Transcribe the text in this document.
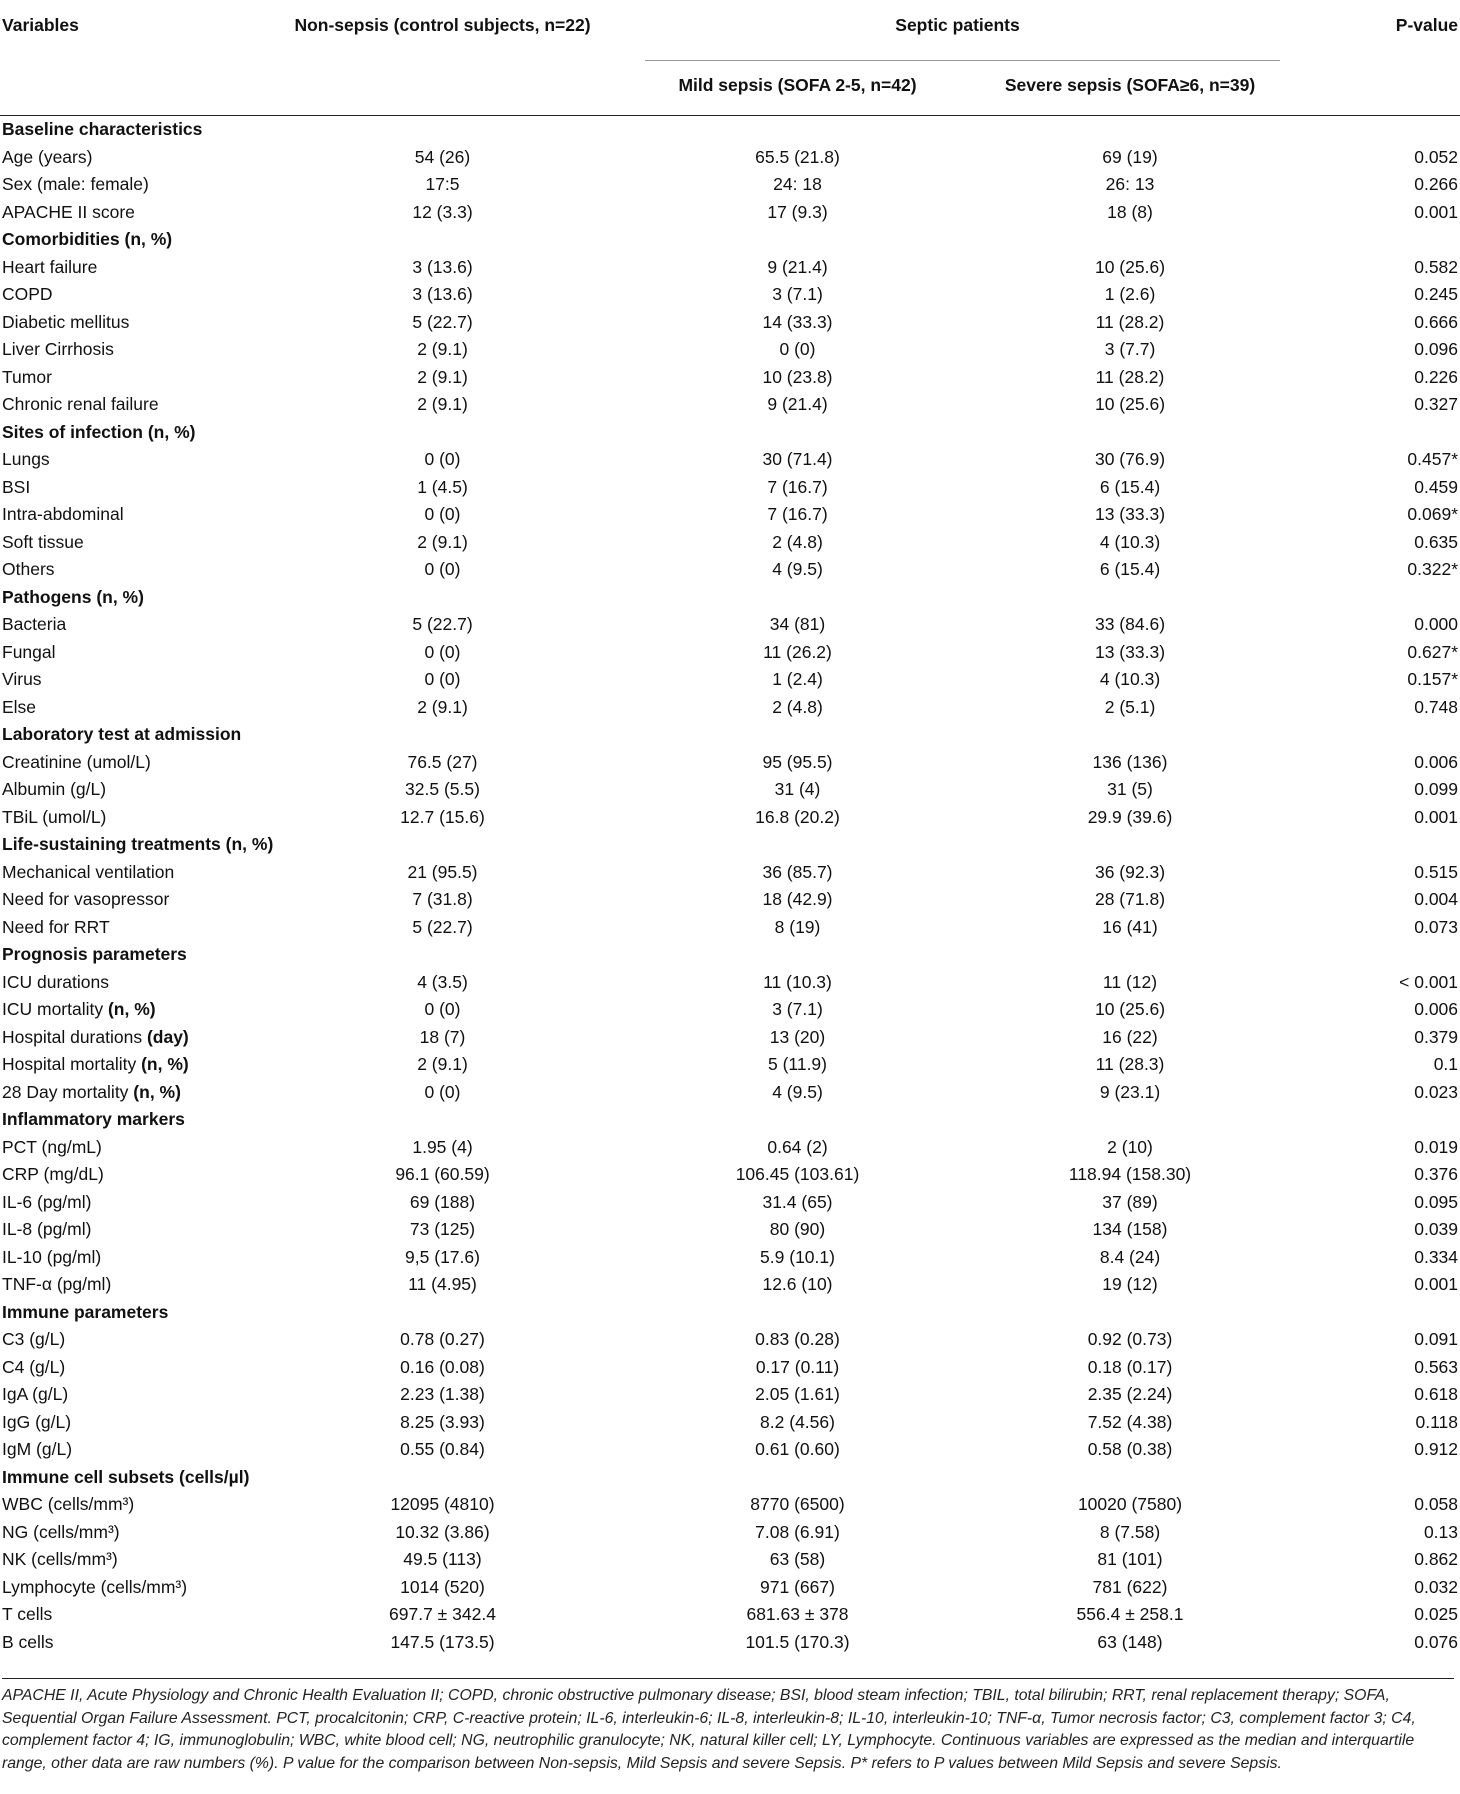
Variables	Non-sepsis (control subjects, n=22)	Septic patients		P-value
		Mild sepsis (SOFA 2-5, n=42)	Severe sepsis (SOFA≥6, n=39)	

Baseline characteristics				
Age (years)	54 (26)	65.5 (21.8)	69 (19)	0.052
Sex (male: female)	17:5	24: 18	26: 13	0.266
APACHE II score	12 (3.3)	17 (9.3)	18 (8)	0.001
Comorbidities (n, %)				
Heart failure	3 (13.6)	9 (21.4)	10 (25.6)	0.582
COPD	3 (13.6)	3 (7.1)	1 (2.6)	0.245
Diabetic mellitus	5 (22.7)	14 (33.3)	11 (28.2)	0.666
Liver Cirrhosis	2 (9.1)	0 (0)	3 (7.7)	0.096
Tumor	2 (9.1)	10 (23.8)	11 (28.2)	0.226
Chronic renal failure	2 (9.1)	9 (21.4)	10 (25.6)	0.327
Sites of infection (n, %)				
Lungs	0 (0)	30 (71.4)	30 (76.9)	0.457*
BSI	1 (4.5)	7 (16.7)	6 (15.4)	0.459
Intra-abdominal	0 (0)	7 (16.7)	13 (33.3)	0.069*
Soft tissue	2 (9.1)	2 (4.8)	4 (10.3)	0.635
Others	0 (0)	4 (9.5)	6 (15.4)	0.322*
Pathogens (n, %)				
Bacteria	5 (22.7)	34 (81)	33 (84.6)	0.000
Fungal	0 (0)	11 (26.2)	13 (33.3)	0.627*
Virus	0 (0)	1 (2.4)	4 (10.3)	0.157*
Else	2 (9.1)	2 (4.8)	2 (5.1)	0.748
Laboratory test at admission				
Creatinine (umol/L)	76.5 (27)	95 (95.5)	136 (136)	0.006
Albumin (g/L)	32.5 (5.5)	31 (4)	31 (5)	0.099
TBiL (umol/L)	12.7 (15.6)	16.8 (20.2)	29.9 (39.6)	0.001
Life-sustaining treatments (n, %)				
Mechanical ventilation	21 (95.5)	36 (85.7)	36 (92.3)	0.515
Need for vasopressor	7 (31.8)	18 (42.9)	28 (71.8)	0.004
Need for RRT	5 (22.7)	8 (19)	16 (41)	0.073
Prognosis parameters				
ICU durations	4 (3.5)	11 (10.3)	11 (12)	< 0.001
ICU mortality (n, %)	0 (0)	3 (7.1)	10 (25.6)	0.006
Hospital durations (day)	18 (7)	13 (20)	16 (22)	0.379
Hospital mortality (n, %)	2 (9.1)	5 (11.9)	11 (28.3)	0.1
28 Day mortality (n, %)	0 (0)	4 (9.5)	9 (23.1)	0.023
Inflammatory markers				
PCT (ng/mL)	1.95 (4)	0.64 (2)	2 (10)	0.019
CRP (mg/dL)	96.1 (60.59)	106.45 (103.61)	118.94 (158.30)	0.376
IL-6 (pg/ml)	69 (188)	31.4 (65)	37 (89)	0.095
IL-8 (pg/ml)	73 (125)	80 (90)	134 (158)	0.039
IL-10 (pg/ml)	9,5 (17.6)	5.9 (10.1)	8.4 (24)	0.334
TNF-α (pg/ml)	11 (4.95)	12.6 (10)	19 (12)	0.001
Immune parameters				
C3 (g/L)	0.78 (0.27)	0.83 (0.28)	0.92 (0.73)	0.091
C4 (g/L)	0.16 (0.08)	0.17 (0.11)	0.18 (0.17)	0.563
IgA (g/L)	2.23 (1.38)	2.05 (1.61)	2.35 (2.24)	0.618
IgG (g/L)	8.25 (3.93)	8.2 (4.56)	7.52 (4.38)	0.118
IgM (g/L)	0.55 (0.84)	0.61 (0.60)	0.58 (0.38)	0.912
Immune cell subsets (cells/µl)				
WBC (cells/mm³)	12095 (4810)	8770 (6500)	10020 (7580)	0.058
NG (cells/mm³)	10.32 (3.86)	7.08 (6.91)	8 (7.58)	0.13
NK (cells/mm³)	49.5 (113)	63 (58)	81 (101)	0.862
Lymphocyte (cells/mm³)	1014 (520)	971 (667)	781 (622)	0.032
T cells	697.7 ± 342.4	681.63 ± 378	556.4 ± 258.1	0.025
B cells	147.5 (173.5)	101.5 (170.3)	63 (148)	0.076
APACHE II, Acute Physiology and Chronic Health Evaluation II; COPD, chronic obstructive pulmonary disease; BSI, blood steam infection; TBIL, total bilirubin; RRT, renal replacement therapy; SOFA, Sequential Organ Failure Assessment. PCT, procalcitonin; CRP, C-reactive protein; IL-6, interleukin-6; IL-8, interleukin-8; IL-10, interleukin-10; TNF-α, Tumor necrosis factor; C3, complement factor 3; C4, complement factor 4; IG, immunoglobulin; WBC, white blood cell; NG, neutrophilic granulocyte; NK, natural killer cell; LY, Lymphocyte. Continuous variables are expressed as the median and interquartile range, other data are raw numbers (%). P value for the comparison between Non-sepsis, Mild Sepsis and severe Sepsis. P* refers to P values between Mild Sepsis and severe Sepsis.
